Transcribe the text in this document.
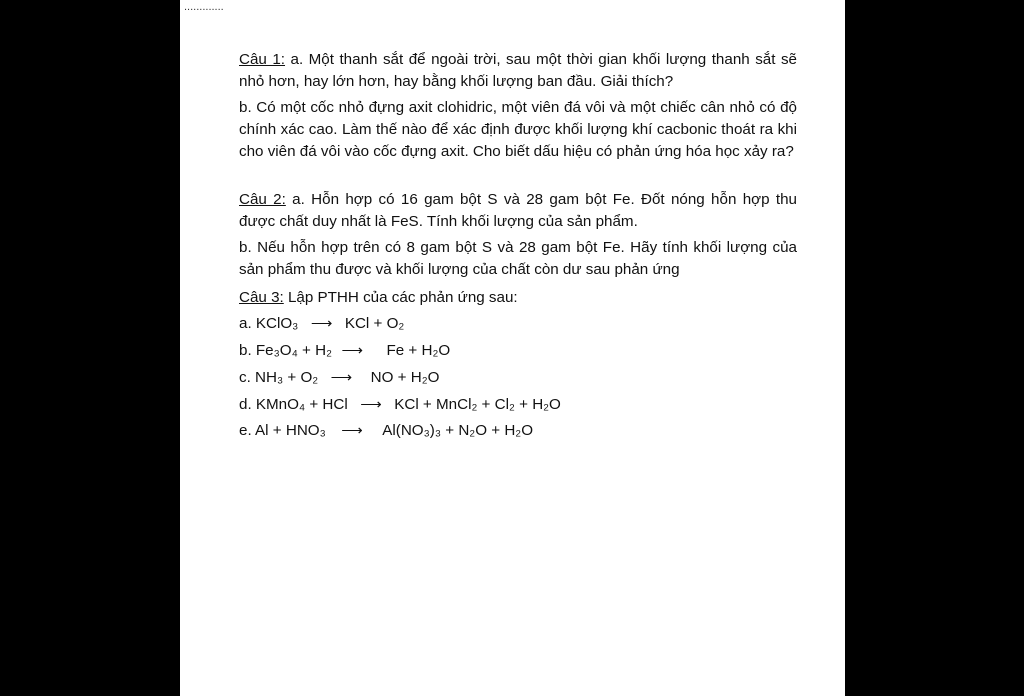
.............
Câu 1: a. Một thanh sắt để ngoài trời, sau một thời gian khối lượng thanh sắt sẽ nhỏ hơn, hay lớn hơn, hay bằng khối lượng ban đầu. Giải thích?
b. Có một cốc nhỏ đựng axit clohidric, một viên đá vôi và một chiếc cân nhỏ có độ chính xác cao. Làm thế nào để xác định được khối lượng khí cacbonic thoát ra khi cho viên đá vôi vào cốc đựng axit. Cho biết dấu hiệu có phản ứng hóa học xảy ra?
Câu 2: a. Hỗn hợp có 16 gam bột S và 28 gam bột Fe. Đốt nóng hỗn hợp thu được chất duy nhất là FeS. Tính khối lượng của sản phẩm.
b. Nếu hỗn hợp trên có 8 gam bột S và 28 gam bột Fe. Hãy tính khối lượng của sản phẩm thu được và khối lượng của chất còn dư sau phản ứng
Câu 3: Lập PTHH của các phản ứng sau:
a. KClO₃ ⟶ KCl + O₂
b. Fe₃O₄ + H₂ ⟶ Fe + H₂O
c. NH₃ + O₂ ⟶ NO + H₂O
d. KMnO₄ + HCl ⟶ KCl + MnCl₂ + Cl₂ + H₂O
e. Al + HNO₃ ⟶ Al(NO₃)₃ + N₂O + H₂O
